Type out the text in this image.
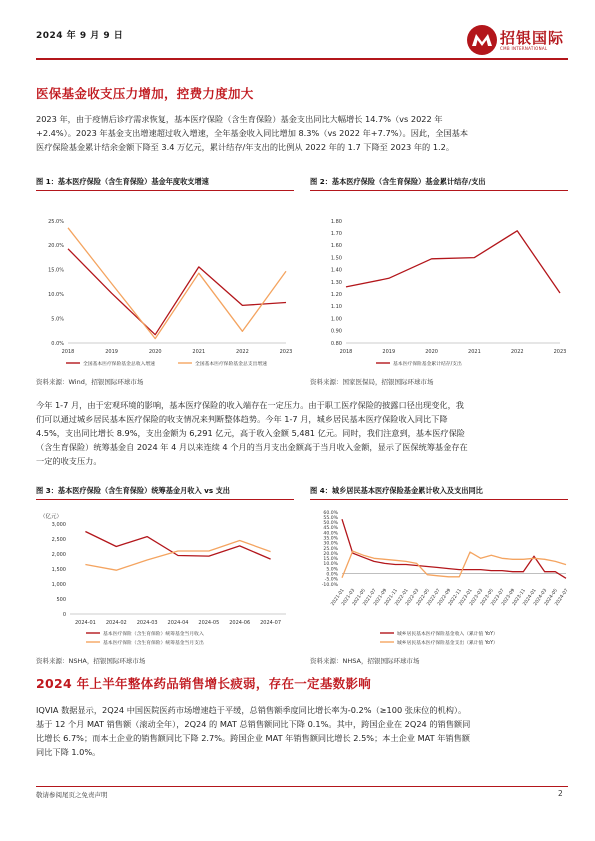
2024 年 9 月 9 日	招银国际
CMB INTERNATIONAL
医保基金收支压力增加，控费力度加大
2023 年，由于疫情后诊疗需求恢复，基本医疗保险（含生育保险）基金支出同比大幅增长 14.7%（vs 2022 年
+2.4%）。2023 年基金支出增速超过收入增速，全年基金收入同比增加 8.3%（vs 2022 年+7.7%）。因此，全国基本
医疗保险基金累计结余金额下降至 3.4 万亿元，累计结存/年支出的比例从 2022 年的 1.7 下降至 2023 年的 1.2。
图 1：基本医疗保险（含生育保险）基金年度收支增速
0.0%
5.0%
10.0%
15.0%
20.0%
25.0%
2018	2019	2020	2021	2022	2023
全国基本医疗保险基金总收入增速	全国基本医疗保险基金总支出增速
资料来源：Wind，招银国际环球市场
图 2：基本医疗保险（含生育保险）基金累计结存/支出
0.80
0.90
1.00
1.10
1.20
1.30
1.40
1.50
1.60
1.70
1.80
2018	2019	2020	2021	2022	2023
基本医疗保险基金累计结存/支出
资料来源：国家医保局，招银国际环球市场
今年 1-7 月，由于宏观环境的影响，基本医疗保险的收入端存在一定压力。由于职工医疗保险的披露口径出现变化，我
们可以通过城乡居民基本医疗保险的收支情况来判断整体趋势。今年 1-7 月，城乡居民基本医疗保险收入同比下降
4.5%，支出同比增长 8.9%，支出金额为 6,291 亿元，高于收入金额 5,481 亿元。同时，我们注意到，基本医疗保险
（含生育保险）统筹基金自 2024 年 4 月以来连续 4 个月的当月支出金额高于当月收入金额，显示了医保统筹基金存在
一定的收支压力。
图 3：基本医疗保险（含生育保险）统筹基金月收入 vs 支出
（亿元）
0
500
1,000
1,500
2,000
2,500
3,000
2024-01 2024-02 2024-03 2024-04 2024-05 2024-06 2024-07
基本医疗保险（含生育保险）统筹基金当月收入
基本医疗保险（含生育保险）统筹基金当月支出
资料来源：NSHA，招银国际环球市场
图 4：城乡居民基本医疗保险基金累计收入及支出同比
-10.0%
-5.0%
0.0%
5.0%
10.0%
15.0%
20.0%
25.0%
30.0%
35.0%
40.0%
45.0%
50.0%
55.0%
60.0%
2021-01
2021-03
2021-05
2021-07
2021-09
2021-11
2022-01
2022-03
2022-05
2022-07
2022-09
2022-11
2023-01
2023-03
2023-05
2023-07
2023-09
2023-11
2024-01
2024-03
2024-05
2024-07
城乡居民基本医疗保险基金收入（累计值 YoY）
城乡居民基本医疗保险基金支出（累计值 YoY）
资料来源：NHSA，招银国际环球市场
2024 年上半年整体药品销售增长疲弱，存在一定基数影响
IQVIA 数据显示，2Q24 中国医院医药市场增速趋于平缓，总销售额季度同比增长率为-0.2%（≥100 张床位的机构）。
基于 12 个月 MAT 销售额（滚动全年），2Q24 的 MAT 总销售额同比下降 0.1%。其中，跨国企业在 2Q24 的销售额同
比增长 6.7%；而本土企业的销售额同比下降 2.7%。跨国企业 MAT 年销售额同比增长 2.5%；本土企业 MAT 年销售额
同比下降 1.0%。
敬请参阅尾页之免责声明	2
